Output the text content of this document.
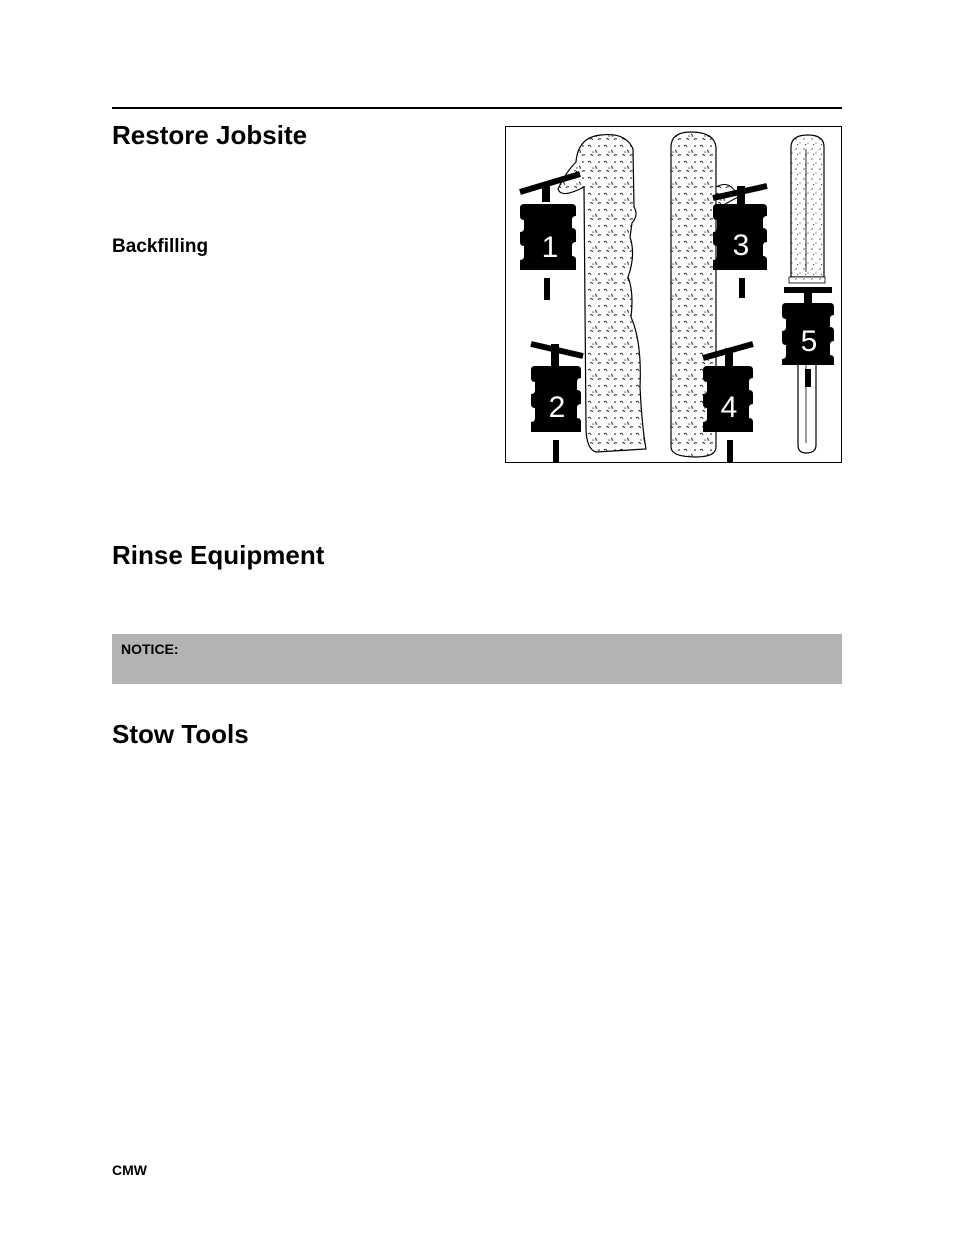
Restore Jobsite
Backfilling	1
2
3
4
5
Rinse Equipment
NOTICE:
Stow Tools
CMW
